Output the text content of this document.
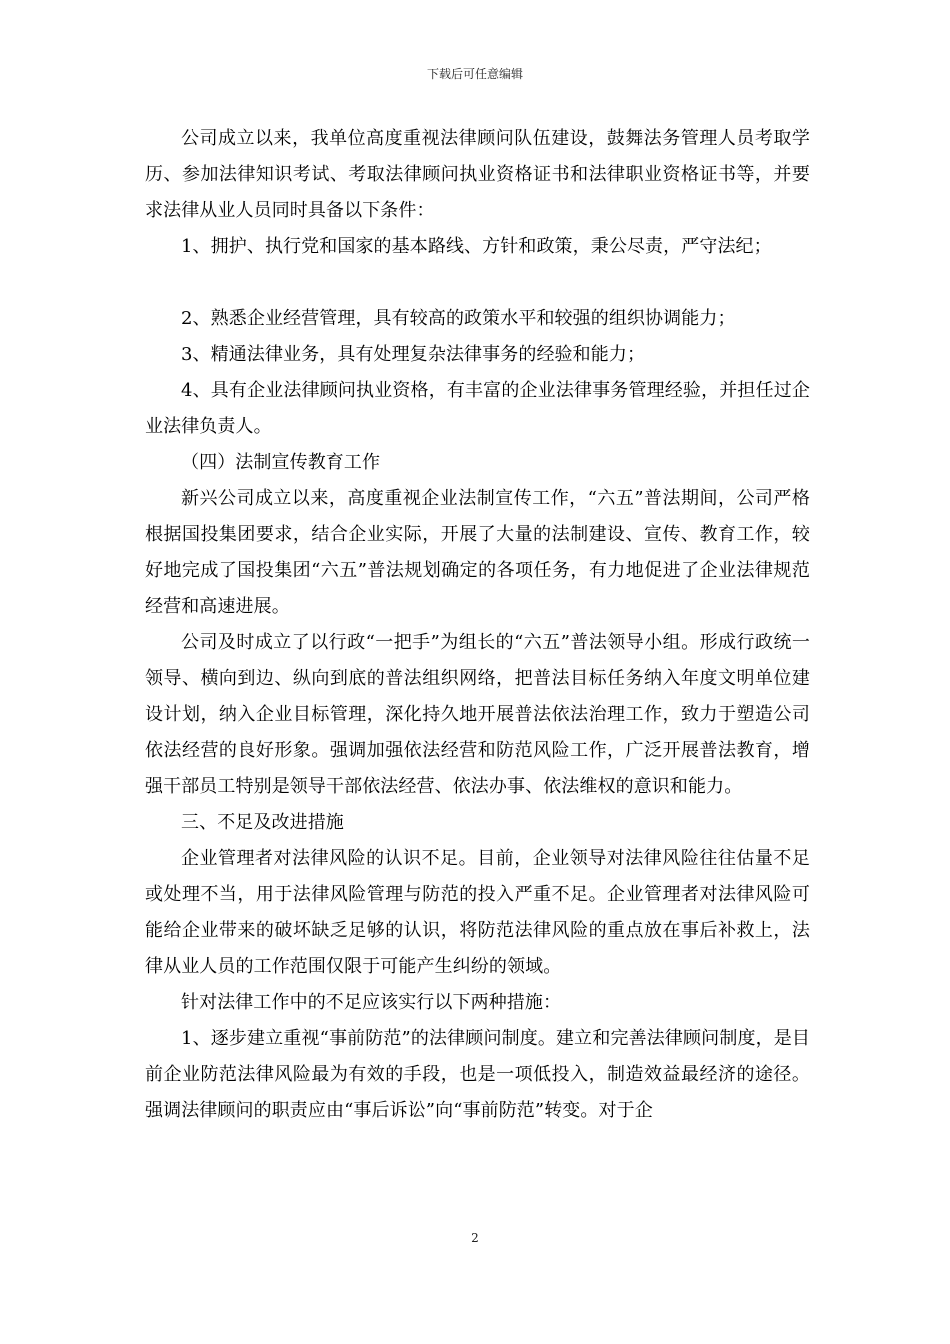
下载后可任意编辑

公司成立以来，我单位高度重视法律顾问队伍建设，鼓舞法务管理人员考取学历、参加法律知识考试、考取法律顾问执业资格证书和法律职业资格证书等，并要求法律从业人员同时具备以下条件：

1、拥护、执行党和国家的基本路线、方针和政策，秉公尽责，严守法纪；

2、熟悉企业经营管理，具有较高的政策水平和较强的组织协调能力；

3、精通法律业务，具有处理复杂法律事务的经验和能力；

4、具有企业法律顾问执业资格，有丰富的企业法律事务管理经验，并担任过企业法律负责人。

（四）法制宣传教育工作

新兴公司成立以来，高度重视企业法制宣传工作，“六五”普法期间，公司严格根据国投集团要求，结合企业实际，开展了大量的法制建设、宣传、教育工作，较好地完成了国投集团“六五”普法规划确定的各项任务，有力地促进了企业法律规范经营和高速进展。

公司及时成立了以行政“一把手”为组长的“六五”普法领导小组。形成行政统一领导、横向到边、纵向到底的普法组织网络，把普法目标任务纳入年度文明单位建设计划，纳入企业目标管理，深化持久地开展普法依法治理工作，致力于塑造公司依法经营的良好形象。强调加强依法经营和防范风险工作，广泛开展普法教育，增强干部员工特别是领导干部依法经营、依法办事、依法维权的意识和能力。

三、不足及改进措施

企业管理者对法律风险的认识不足。目前，企业领导对法律风险往往估量不足或处理不当，用于法律风险管理与防范的投入严重不足。企业管理者对法律风险可能给企业带来的破坏缺乏足够的认识，将防范法律风险的重点放在事后补救上，法律从业人员的工作范围仅限于可能产生纠纷的领域。

针对法律工作中的不足应该实行以下两种措施：

1、逐步建立重视“事前防范”的法律顾问制度。建立和完善法律顾问制度，是目前企业防范法律风险最为有效的手段，也是一项低投入，制造效益最经济的途径。强调法律顾问的职责应由“事后诉讼”向“事前防范”转变。对于企

2
